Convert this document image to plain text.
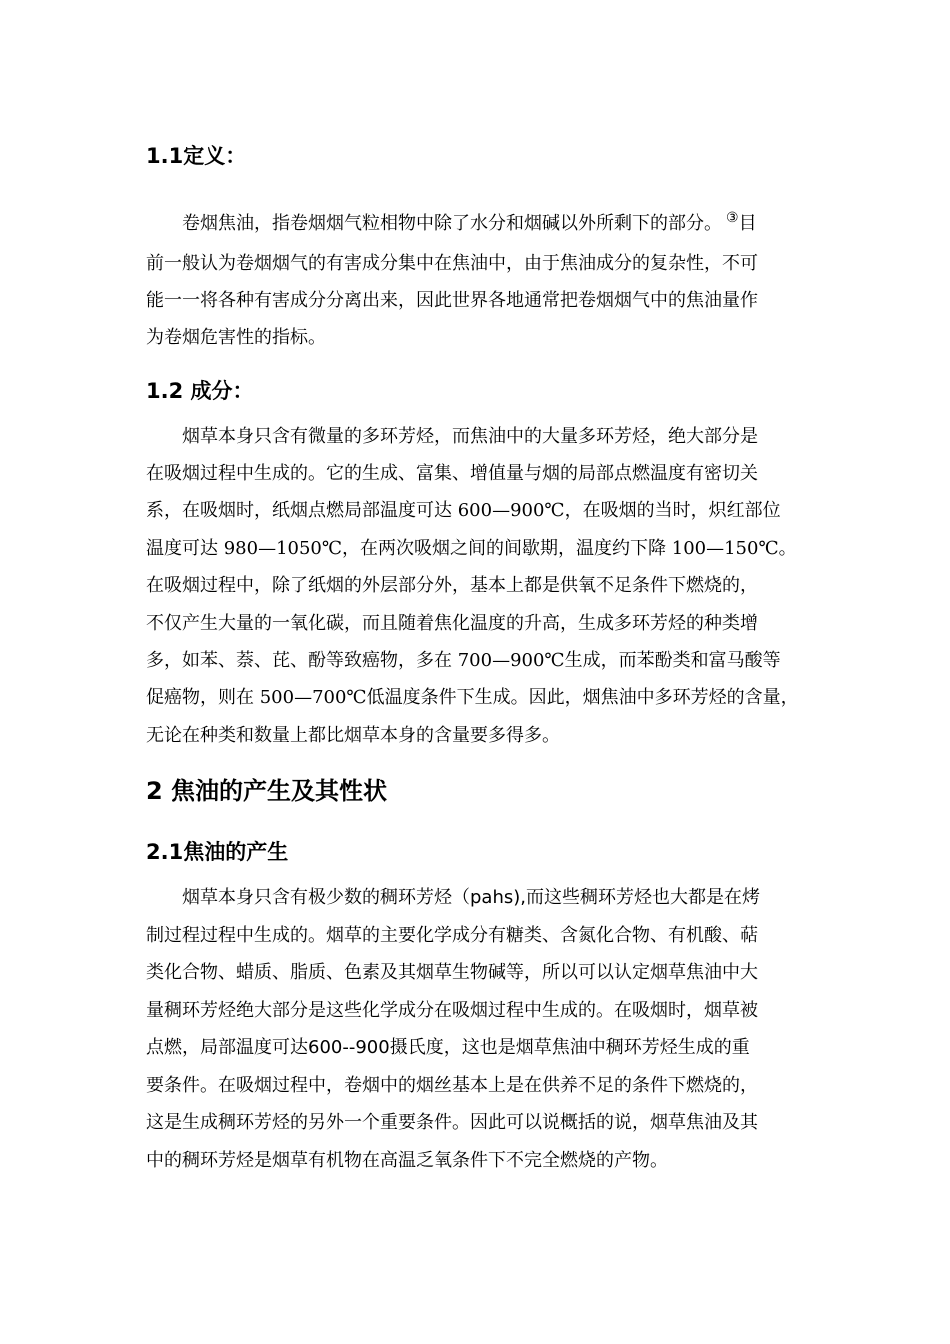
1.1定义：
卷烟焦油，指卷烟烟气粒相物中除了水分和烟碱以外所剩下的部分。 ③目
前一般认为卷烟烟气的有害成分集中在焦油中，由于焦油成分的复杂性，不可
能一一将各种有害成分分离出来，因此世界各地通常把卷烟烟气中的焦油量作
为卷烟危害性的指标。
1.2 成分：
烟草本身只含有微量的多环芳烃，而焦油中的大量多环芳烃，绝大部分是
在吸烟过程中生成的。它的生成、富集、增值量与烟的局部点燃温度有密切关
系，在吸烟时，纸烟点燃局部温度可达 600—900℃，在吸烟的当时，炽红部位
温度可达 980—1050℃，在两次吸烟之间的间歇期，温度约下降 100—150℃。
在吸烟过程中，除了纸烟的外层部分外，基本上都是供氧不足条件下燃烧的，
不仅产生大量的一氧化碳，而且随着焦化温度的升高，生成多环芳烃的种类增
多，如苯、萘、芘、酚等致癌物，多在 700—900℃生成，而苯酚类和富马酸等
促癌物，则在 500—700℃低温度条件下生成。因此，烟焦油中多环芳烃的含量，
无论在种类和数量上都比烟草本身的含量要多得多。
2 焦油的产生及其性状
2.1焦油的产生
烟草本身只含有极少数的稠环芳烃（pahs),而这些稠环芳烃也大都是在烤
制过程过程中生成的。烟草的主要化学成分有糖类、含氮化合物、有机酸、萜
类化合物、蜡质、脂质、色素及其烟草生物碱等，所以可以认定烟草焦油中大
量稠环芳烃绝大部分是这些化学成分在吸烟过程中生成的。在吸烟时，烟草被
点燃，局部温度可达600--900摄氏度，这也是烟草焦油中稠环芳烃生成的重
要条件。在吸烟过程中，卷烟中的烟丝基本上是在供养不足的条件下燃烧的，
这是生成稠环芳烃的另外一个重要条件。因此可以说概括的说，烟草焦油及其
中的稠环芳烃是烟草有机物在高温乏氧条件下不完全燃烧的产物。
